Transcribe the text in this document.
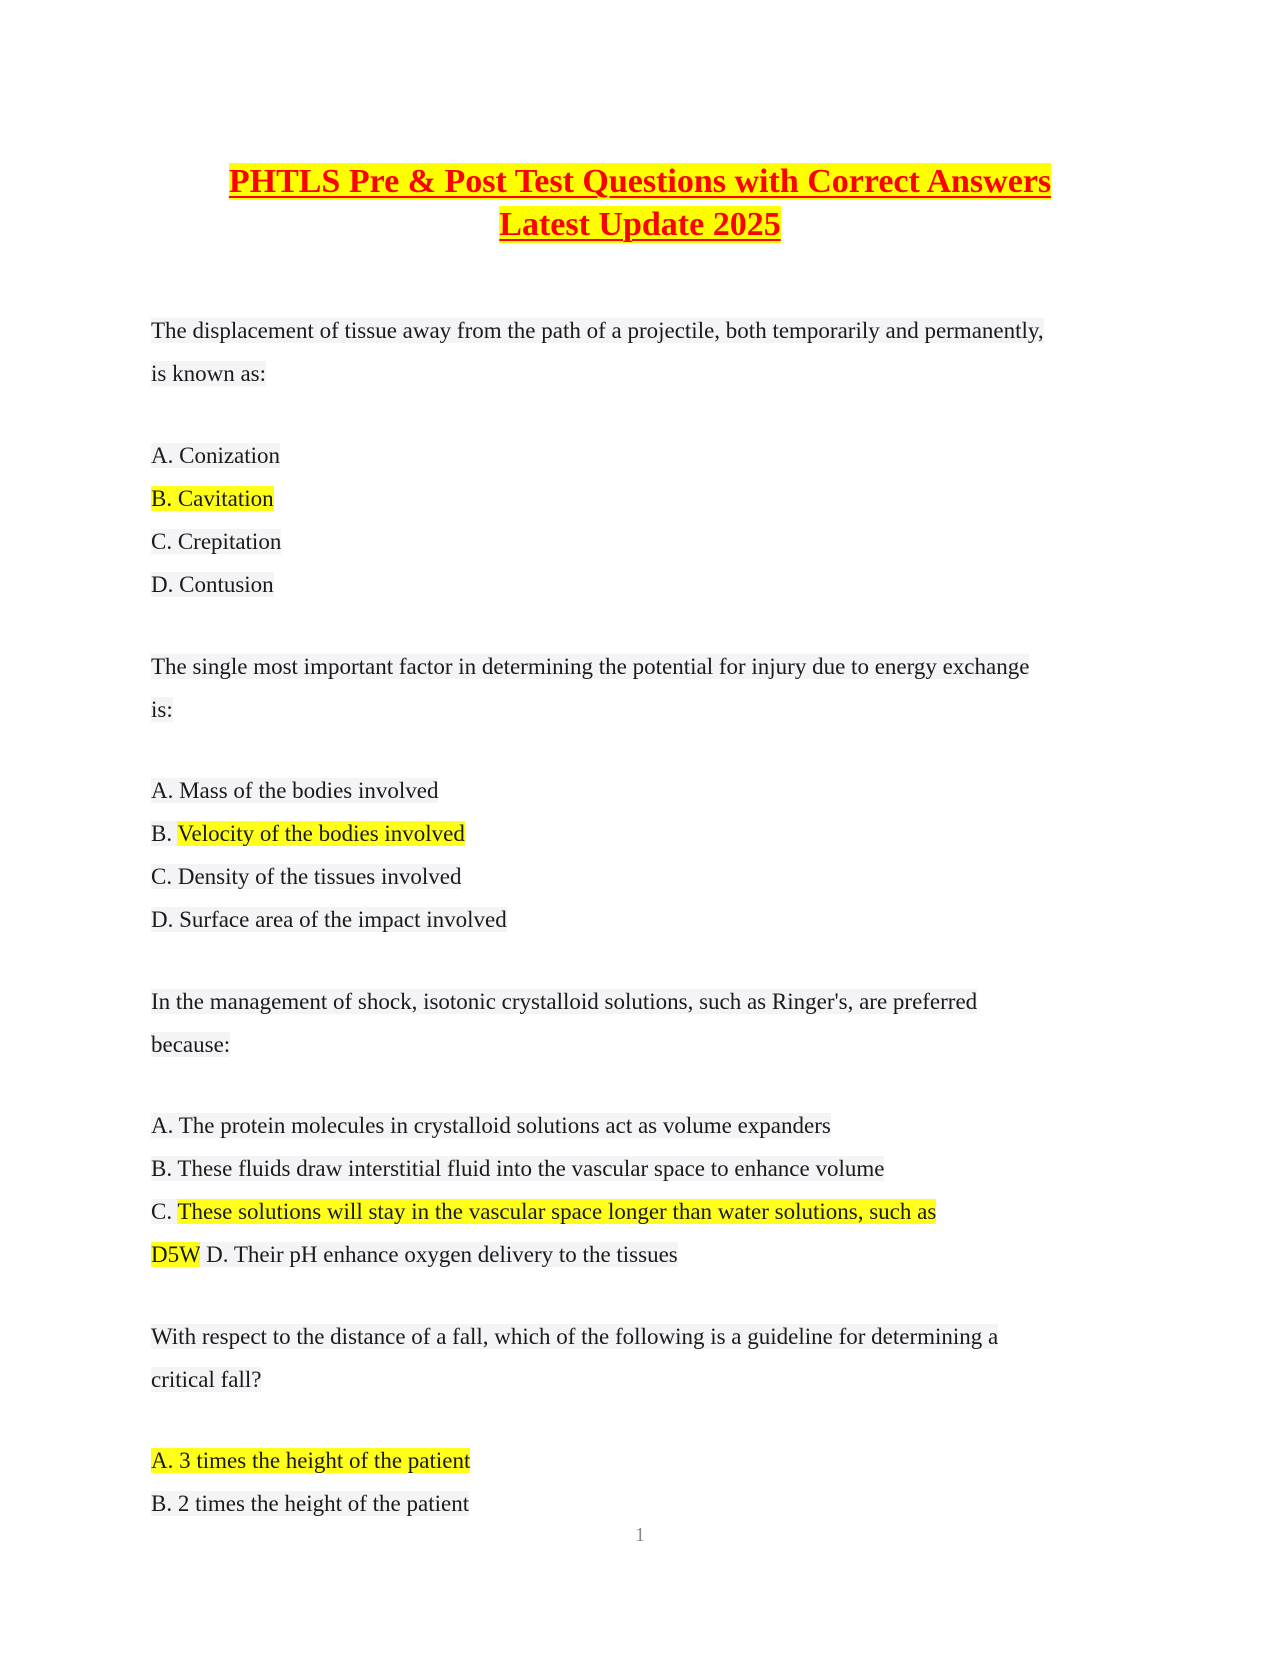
PHTLS Pre & Post Test Questions with Correct Answers
Latest Update 2025
The displacement of tissue away from the path of a projectile, both temporarily and permanently,
is known as:
A. Conization
B. Cavitation
C. Crepitation
D. Contusion
The single most important factor in determining the potential for injury due to energy exchange
is:
A. Mass of the bodies involved
B. Velocity of the bodies involved
C. Density of the tissues involved
D. Surface area of the impact involved
In the management of shock, isotonic crystalloid solutions, such as Ringer's, are preferred
because:
A. The protein molecules in crystalloid solutions act as volume expanders
B. These fluids draw interstitial fluid into the vascular space to enhance volume
C. These solutions will stay in the vascular space longer than water solutions, such as
D5W D. Their pH enhance oxygen delivery to the tissues
With respect to the distance of a fall, which of the following is a guideline for determining a
critical fall?
A. 3 times the height of the patient
B. 2 times the height of the patient
1
